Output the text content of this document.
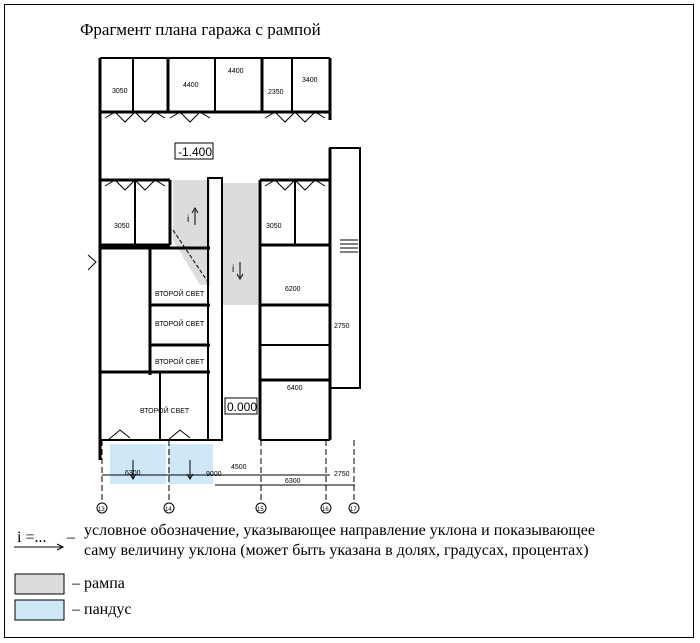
Фрагмент плана гаража с рампой
-1.400
0.000
i
i
ВТОРОЙ СВЕТ
ВТОРОЙ СВЕТ
ВТОРОЙ СВЕТ
ВТОРОЙ СВЕТ
3050
4400
4400
2350
3400
3050	3050
6200
2750
6400
6300
4500
6300
2750
9000
13	14	15	16	17
i =... – условное обозначение, указывающее направление уклона и показывающее
саму величину уклона (может быть указана в долях, градусах, процентах)
– рампа
– пандус
